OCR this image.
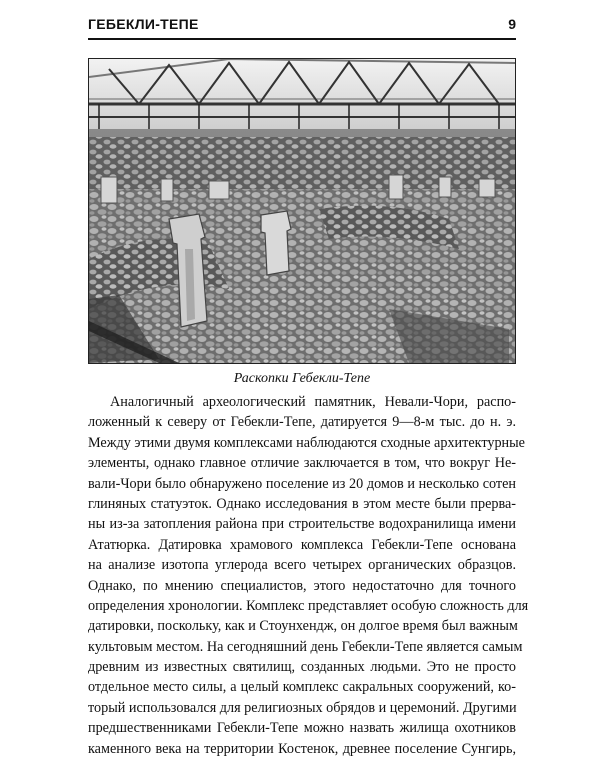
ГЕБЕКЛИ-ТЕПЕ	9
Раскопки Гебекли-Тепе
Аналогичный археологический памятник, Невали-Чори, распо-
ложенный к северу от Гебекли-Тепе, датируется 9—8-м тыс. до н. э.
Между этими двумя комплексами наблюдаются сходные архитектурные
элементы, однако главное отличие заключается в том, что вокруг Не-
вали-Чори было обнаружено поселение из 20 домов и несколько сотен
глиняных статуэток. Однако исследования в этом месте были прерва-
ны из-за затопления района при строительстве водохранилища имени
Ататюрка. Датировка храмового комплекса Гебекли-Тепе основана
на анализе изотопа углерода всего четырех органических образцов.
Однако, по мнению специалистов, этого недостаточно для точного
определения хронологии. Комплекс представляет особую сложность для
датировки, поскольку, как и Стоунхендж, он долгое время был важным
культовым местом. На сегодняшний день Гебекли-Тепе является самым
древним из известных святилищ, созданных людьми. Это не просто
отдельное место силы, а целый комплекс сакральных сооружений, ко-
торый использовался для религиозных обрядов и церемоний. Другими
предшественниками Гебекли-Тепе можно назвать жилища охотников
каменного века на территории Костенок, древнее поселение Сунгирь,
